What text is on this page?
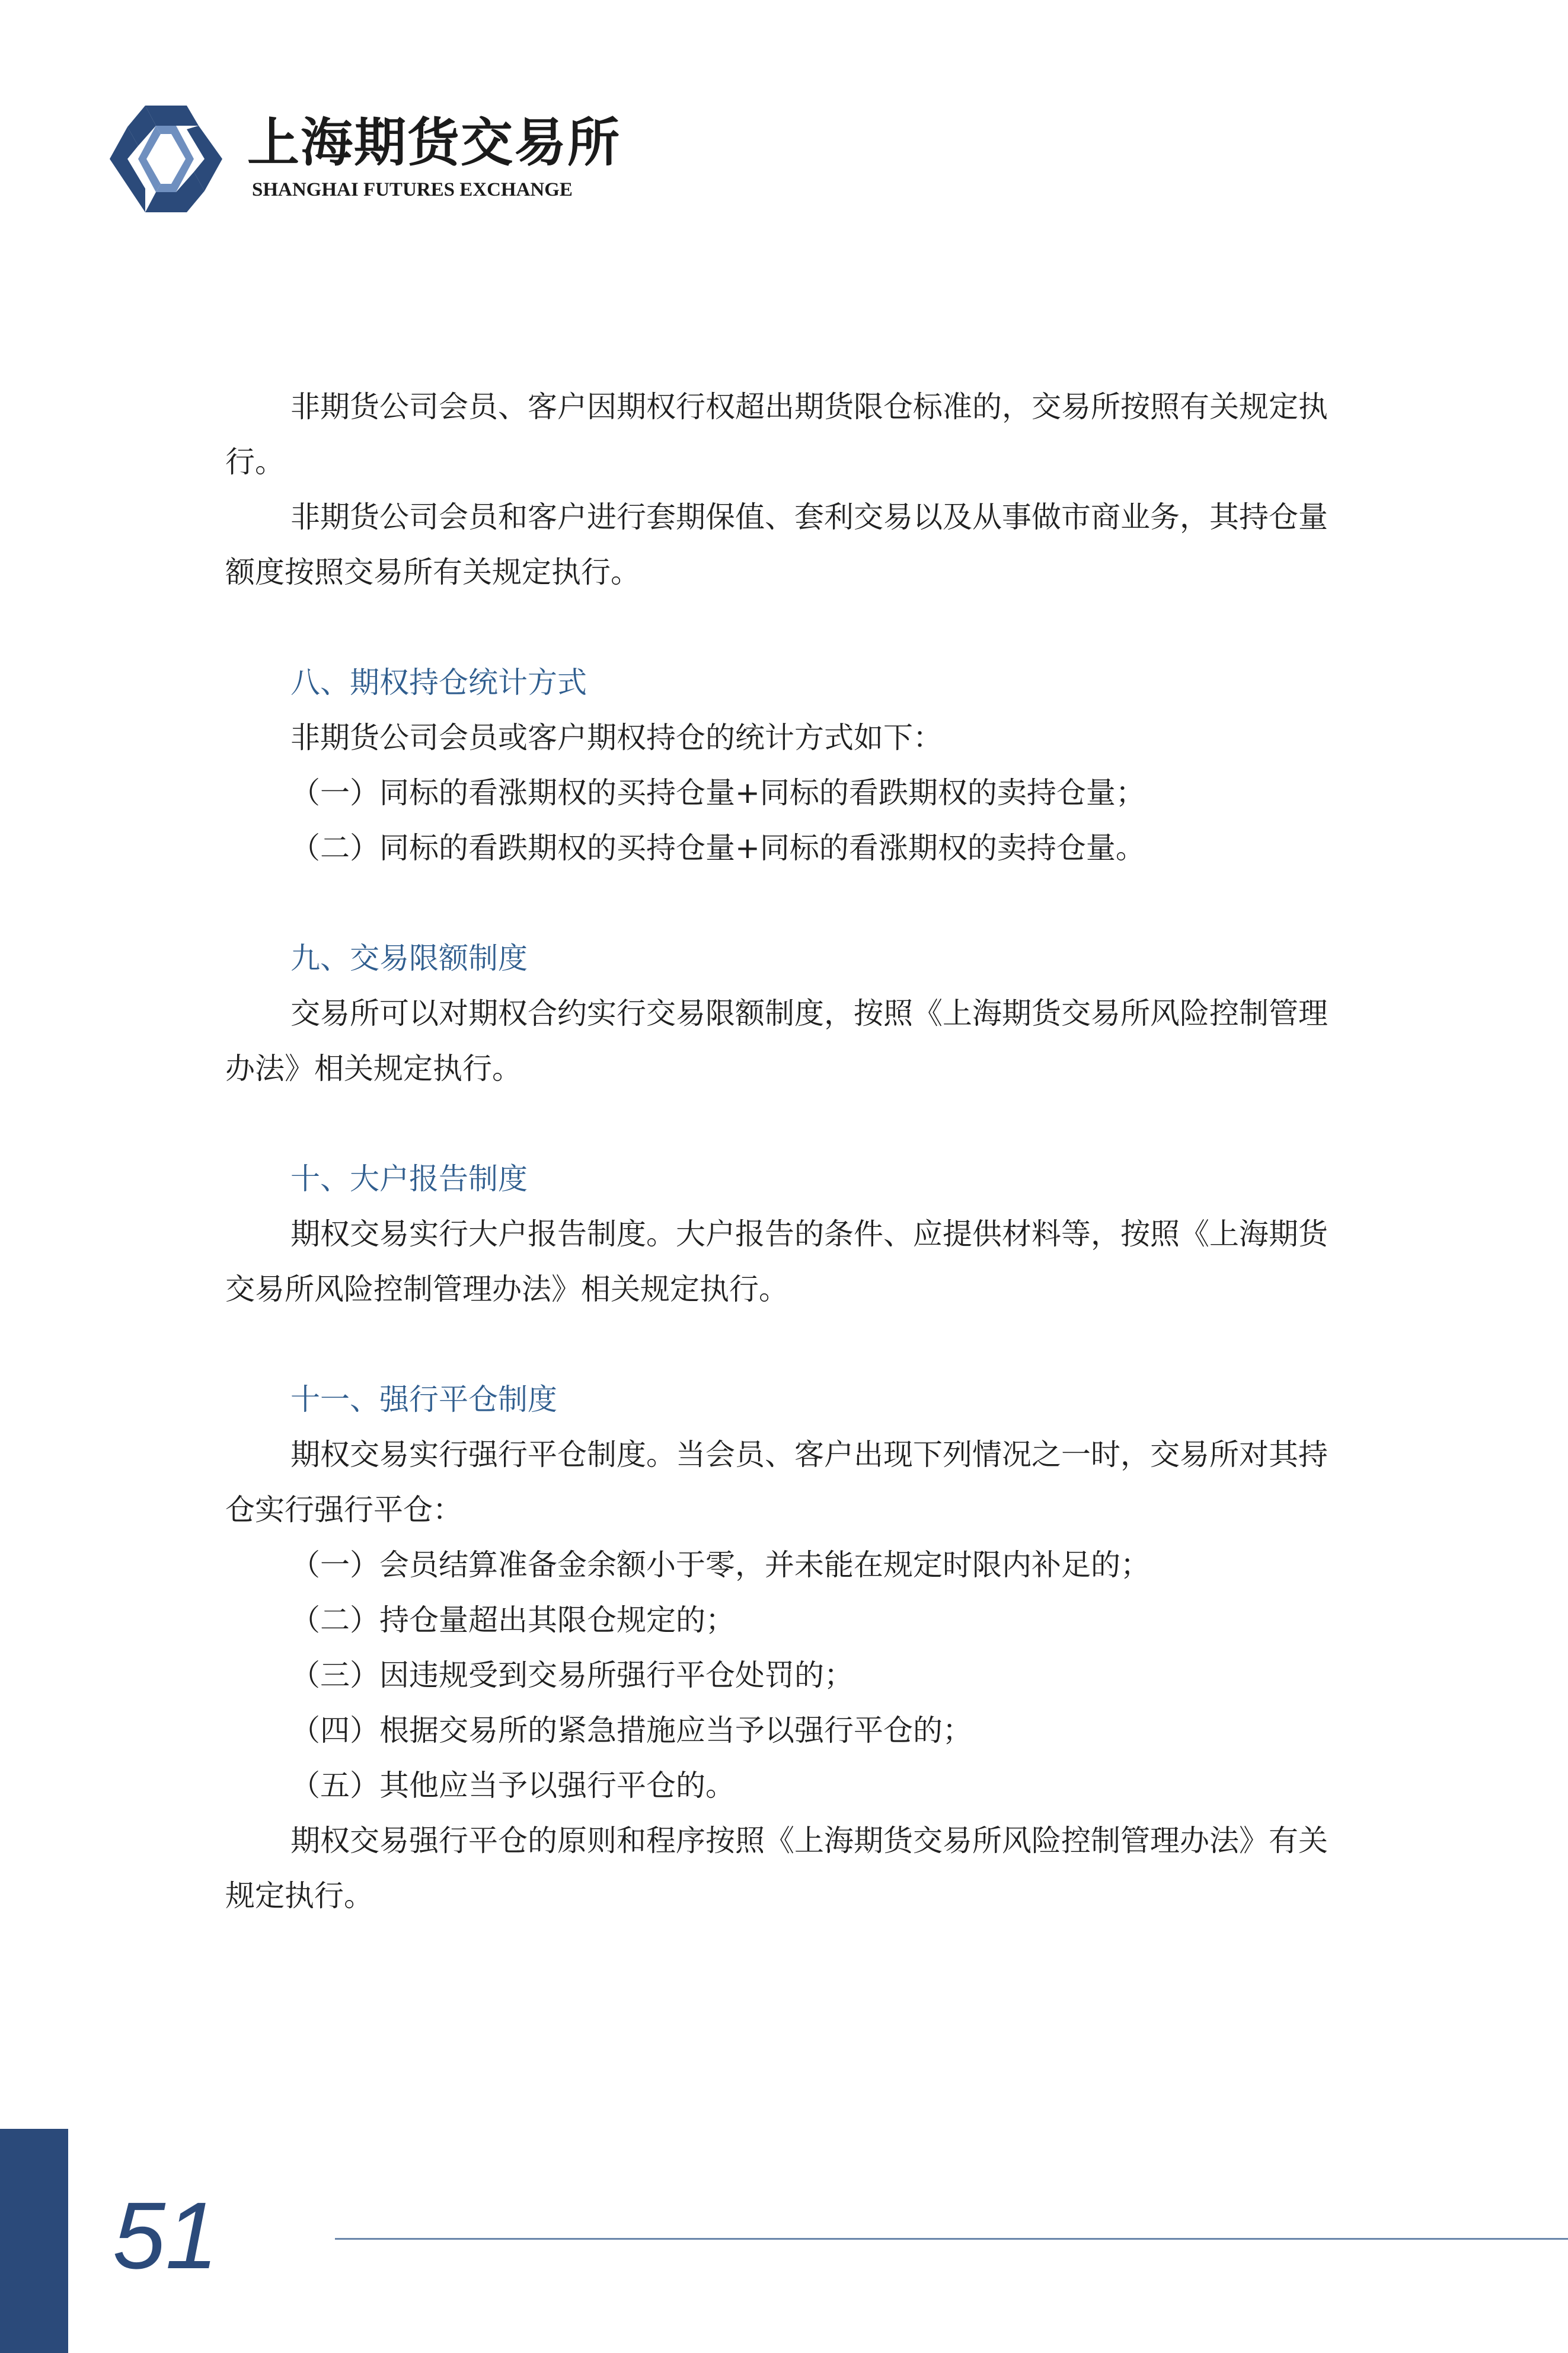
上海期货交易所
SHANGHAI FUTURES EXCHANGE

非期货公司会员、客户因期权行权超出期货限仓标准的，交易所按照有关规定执行。

非期货公司会员和客户进行套期保值、套利交易以及从事做市商业务，其持仓量额度按照交易所有关规定执行。

八、期权持仓统计方式

非期货公司会员或客户期权持仓的统计方式如下：

（一）同标的看涨期权的买持仓量+同标的看跌期权的卖持仓量；

（二）同标的看跌期权的买持仓量+同标的看涨期权的卖持仓量。

九、交易限额制度

交易所可以对期权合约实行交易限额制度，按照《上海期货交易所风险控制管理办法》相关规定执行。

十、大户报告制度

期权交易实行大户报告制度。大户报告的条件、应提供材料等，按照《上海期货交易所风险控制管理办法》相关规定执行。

十一、强行平仓制度

期权交易实行强行平仓制度。当会员、客户出现下列情况之一时，交易所对其持仓实行强行平仓：

（一）会员结算准备金余额小于零，并未能在规定时限内补足的；

（二）持仓量超出其限仓规定的；

（三）因违规受到交易所强行平仓处罚的；

（四）根据交易所的紧急措施应当予以强行平仓的；

（五）其他应当予以强行平仓的。

期权交易强行平仓的原则和程序按照《上海期货交易所风险控制管理办法》有关规定执行。

51
